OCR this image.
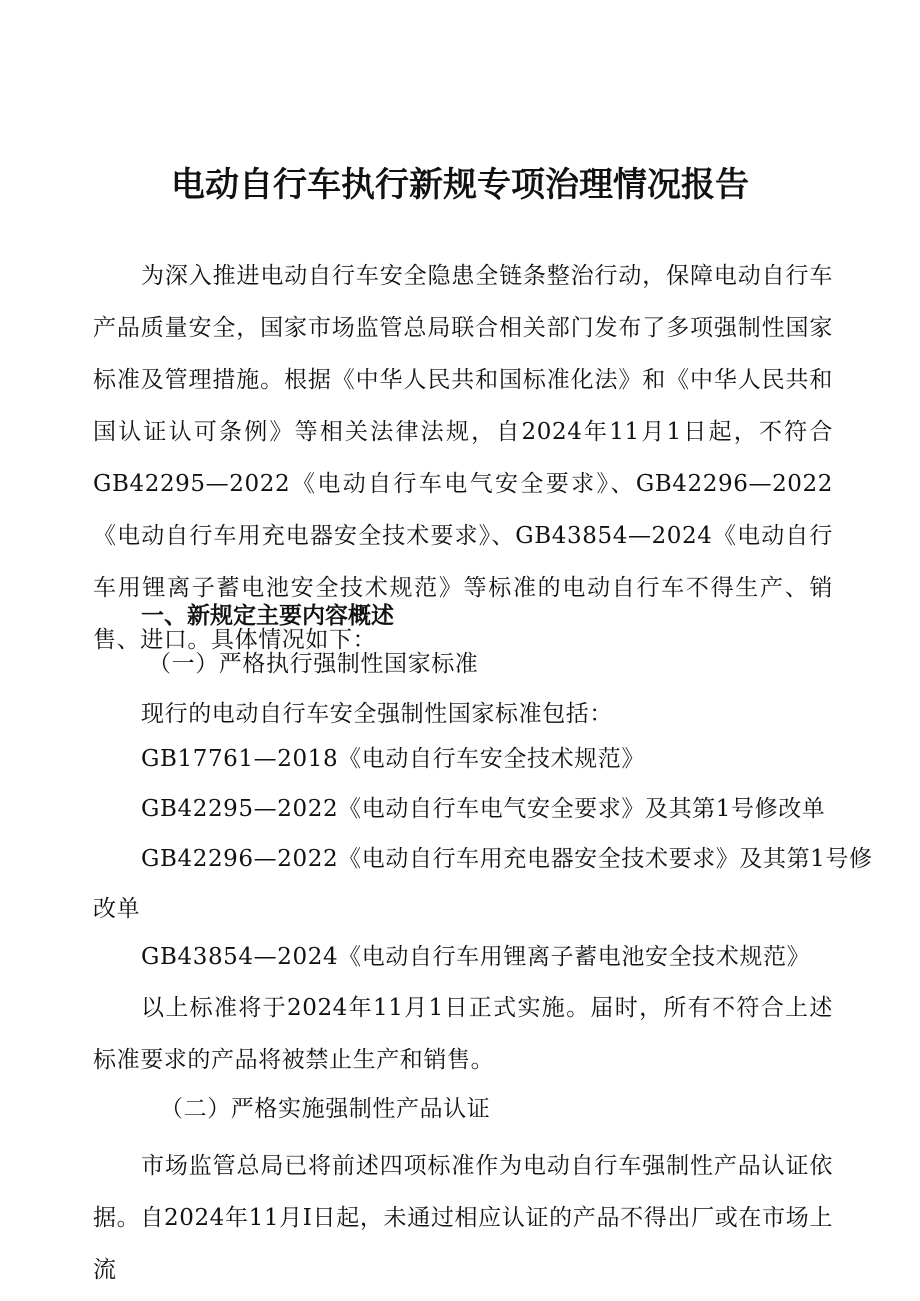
电动自行车执行新规专项治理情况报告

为深入推进电动自行车安全隐患全链条整治行动，保障电动自行车产品质量安全，国家市场监管总局联合相关部门发布了多项强制性国家标准及管理措施。根据《中华人民共和国标准化法》和《中华人民共和国认证认可条例》等相关法律法规，自2024年11月1日起，不符合GB42295—2022《电动自行车电气安全要求》、GB42296—2022《电动自行车用充电器安全技术要求》、GB43854—2024《电动自行车用锂离子蓄电池安全技术规范》等标准的电动自行车不得生产、销售、进口。具体情况如下：

一、新规定主要内容概述

（一）严格执行强制性国家标准

现行的电动自行车安全强制性国家标准包括：

GB17761—2018《电动自行车安全技术规范》

GB42295—2022《电动自行车电气安全要求》及其第1号修改单

GB42296—2022《电动自行车用充电器安全技术要求》及其第1号修

改单

GB43854—2024《电动自行车用锂离子蓄电池安全技术规范》

以上标准将于2024年11月1日正式实施。届时，所有不符合上述标准要求的产品将被禁止生产和销售。

（二）严格实施强制性产品认证

市场监管总局已将前述四项标准作为电动自行车强制性产品认证依据。自2024年11月I日起，未通过相应认证的产品不得出厂或在市场上流
